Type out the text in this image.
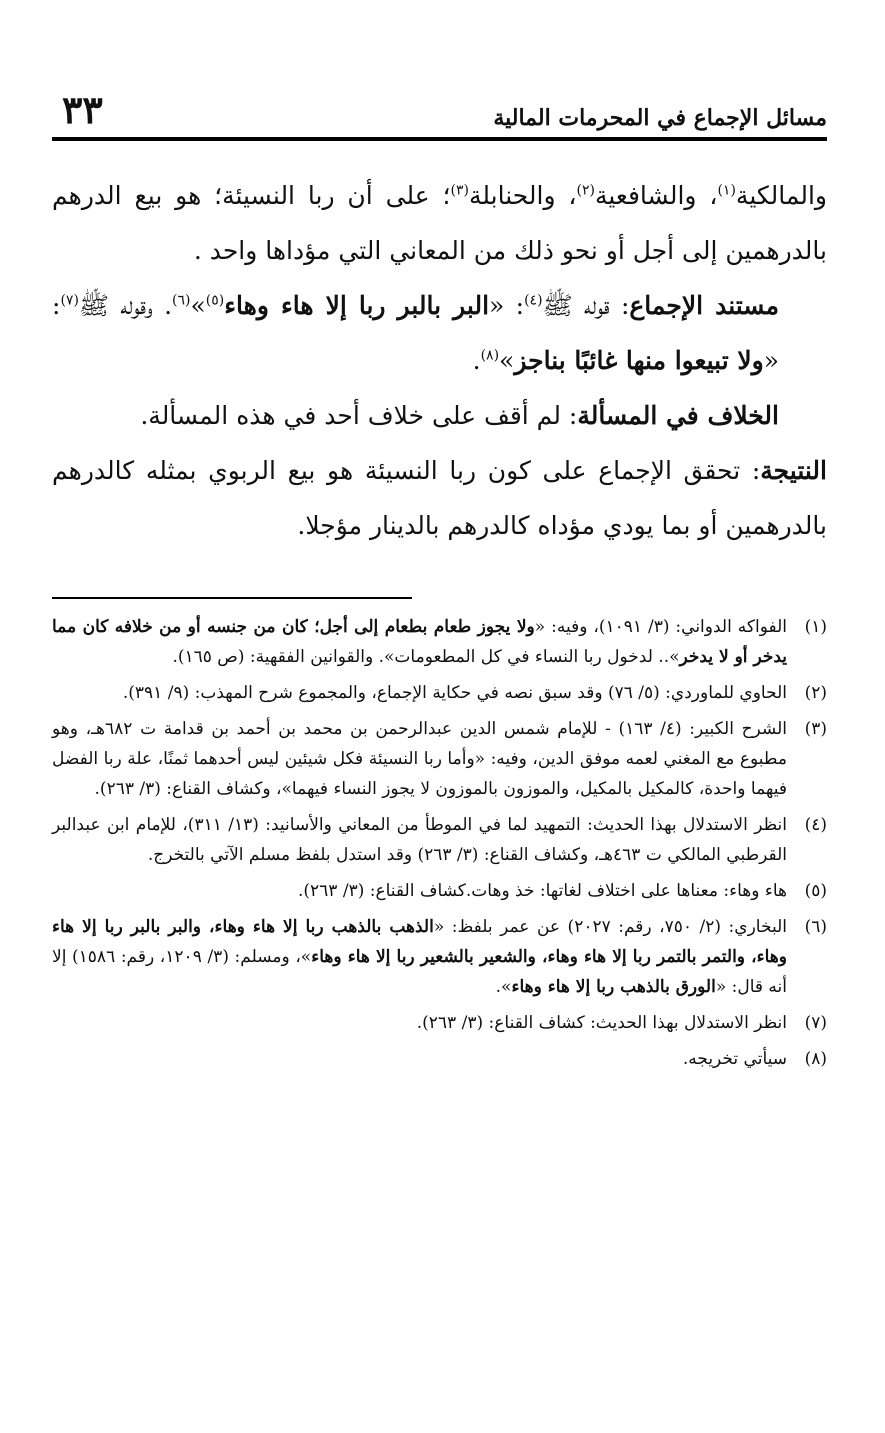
مسائل الإجماع في المحرمات المالية
٣٣

والمالكية$^{(١)}$، والشافعية$^{(٢)}$، والحنابلة$^{(٣)}$؛ على أن ربا النسيئة؛ هو بيع الدرهم بالدرهمين إلى أجل أو نحو ذلك من المعاني التي مؤداها واحد .

مستند الإجماع: قوله ﷺ$^{(٤)}$: «البر بالبر ربا إلا هاء وهاء$^{(٥)}$»$^{(٦)}$. وقوله ﷺ$^{(٧)}$: «ولا تبيعوا منها غائبًا بناجز»$^{(٨)}$.

الخلاف في المسألة: لم أقف على خلاف أحد في هذه المسألة.

النتيجة: تحقق الإجماع على كون ربا النسيئة هو بيع الربوي بمثله كالدرهم بالدرهمين أو بما يودي مؤداه كالدرهم بالدينار مؤجلا.

(١)
الفواكه الدواني: (٣/ ١٠٩١)، وفيه: «ولا يجوز طعام بطعام إلى أجل؛ كان من جنسه أو من خلافه كان مما يدخر أو لا يدخر».. لدخول ربا النساء في كل المطعومات». والقوانين الفقهية: (ص ١٦٥).
(٢)
الحاوي للماوردي: (٥/ ٧٦) وقد سبق نصه في حكاية الإجماع، والمجموع شرح المهذب: (٩/ ٣٩١).
(٣)
الشرح الكبير: (٤/ ١٦٣) - للإمام شمس الدين عبدالرحمن بن محمد بن أحمد بن قدامة ت ٦٨٢هـ، وهو مطبوع مع المغني لعمه موفق الدين، وفيه: «وأما ربا النسيئة فكل شيئين ليس أحدهما ثمنًا، علة ربا الفضل فيهما واحدة، كالمكيل بالمكيل، والموزون بالموزون لا يجوز النساء فيهما»، وكشاف القناع: (٣/ ٢٦٣).
(٤)
انظر الاستدلال بهذا الحديث: التمهيد لما في الموطأ من المعاني والأسانيد: (١٣/ ٣١١)، للإمام ابن عبدالبر القرطبي المالكي ت ٤٦٣هـ، وكشاف القناع: (٣/ ٢٦٣) وقد استدل بلفظ مسلم الآتي بالتخرج.
(٥)
هاء وهاء: معناها على اختلاف لغاتها: خذ وهات.كشاف القناع: (٣/ ٢٦٣).
(٦)
البخاري: (٢/ ٧٥٠، رقم: ٢٠٢٧) عن عمر بلفظ: «الذهب بالذهب ربا إلا هاء وهاء، والبر بالبر ربا إلا هاء وهاء، والتمر بالتمر ربا إلا هاء وهاء، والشعير بالشعير ربا إلا هاء وهاء»، ومسلم: (٣/ ١٢٠٩، رقم: ١٥٨٦) إلا أنه قال: «الورق بالذهب ربا إلا هاء وهاء».
(٧)
انظر الاستدلال بهذا الحديث: كشاف القناع: (٣/ ٢٦٣).
(٨)
سيأتي تخريجه.
